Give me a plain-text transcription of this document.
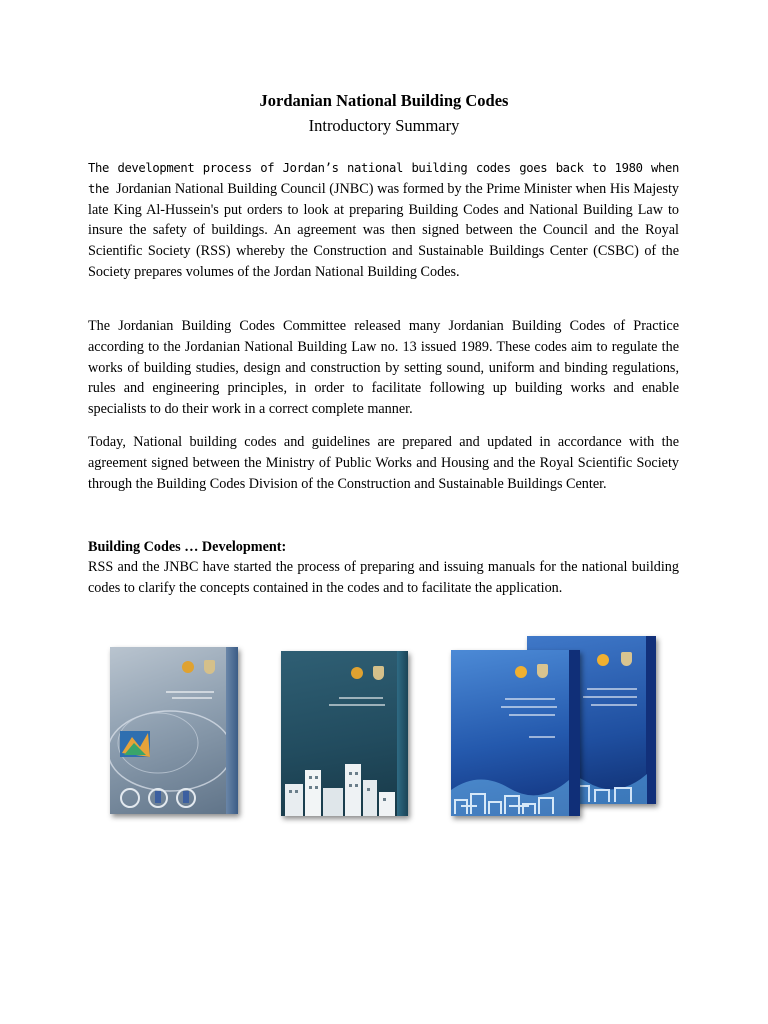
Jordanian National Building Codes
Introductory Summary

The development process of Jordan’s national building codes goes back to 1980 when the Jordanian National Building Council (JNBC) was formed by the Prime Minister when His Majesty late King Al-Hussein's put orders to look at preparing Building Codes and National Building Law to insure the safety of buildings. An agreement was then signed between the Council and the Royal Scientific Society (RSS) whereby the Construction and Sustainable Buildings Center (CSBC) of the Society prepares volumes of the Jordan National Building Codes.

The Jordanian Building Codes Committee released many Jordanian Building Codes of Practice according to the Jordanian National Building Law no. 13 issued 1989. These codes aim to regulate the works of building studies, design and construction by setting sound, uniform and binding regulations, rules and engineering principles, in order to facilitate following up building works and enable specialists to do their work in a correct complete manner.

Today, National building codes and guidelines are prepared and updated in accordance with the agreement signed between the Ministry of Public Works and Housing and the Royal Scientific Society through the Building Codes Division of the Construction and Sustainable Buildings Center.

Building Codes … Development:

RSS and the JNBC have started the process of preparing and issuing manuals for the national building codes to clarify the concepts contained in the codes and to facilitate the application.
